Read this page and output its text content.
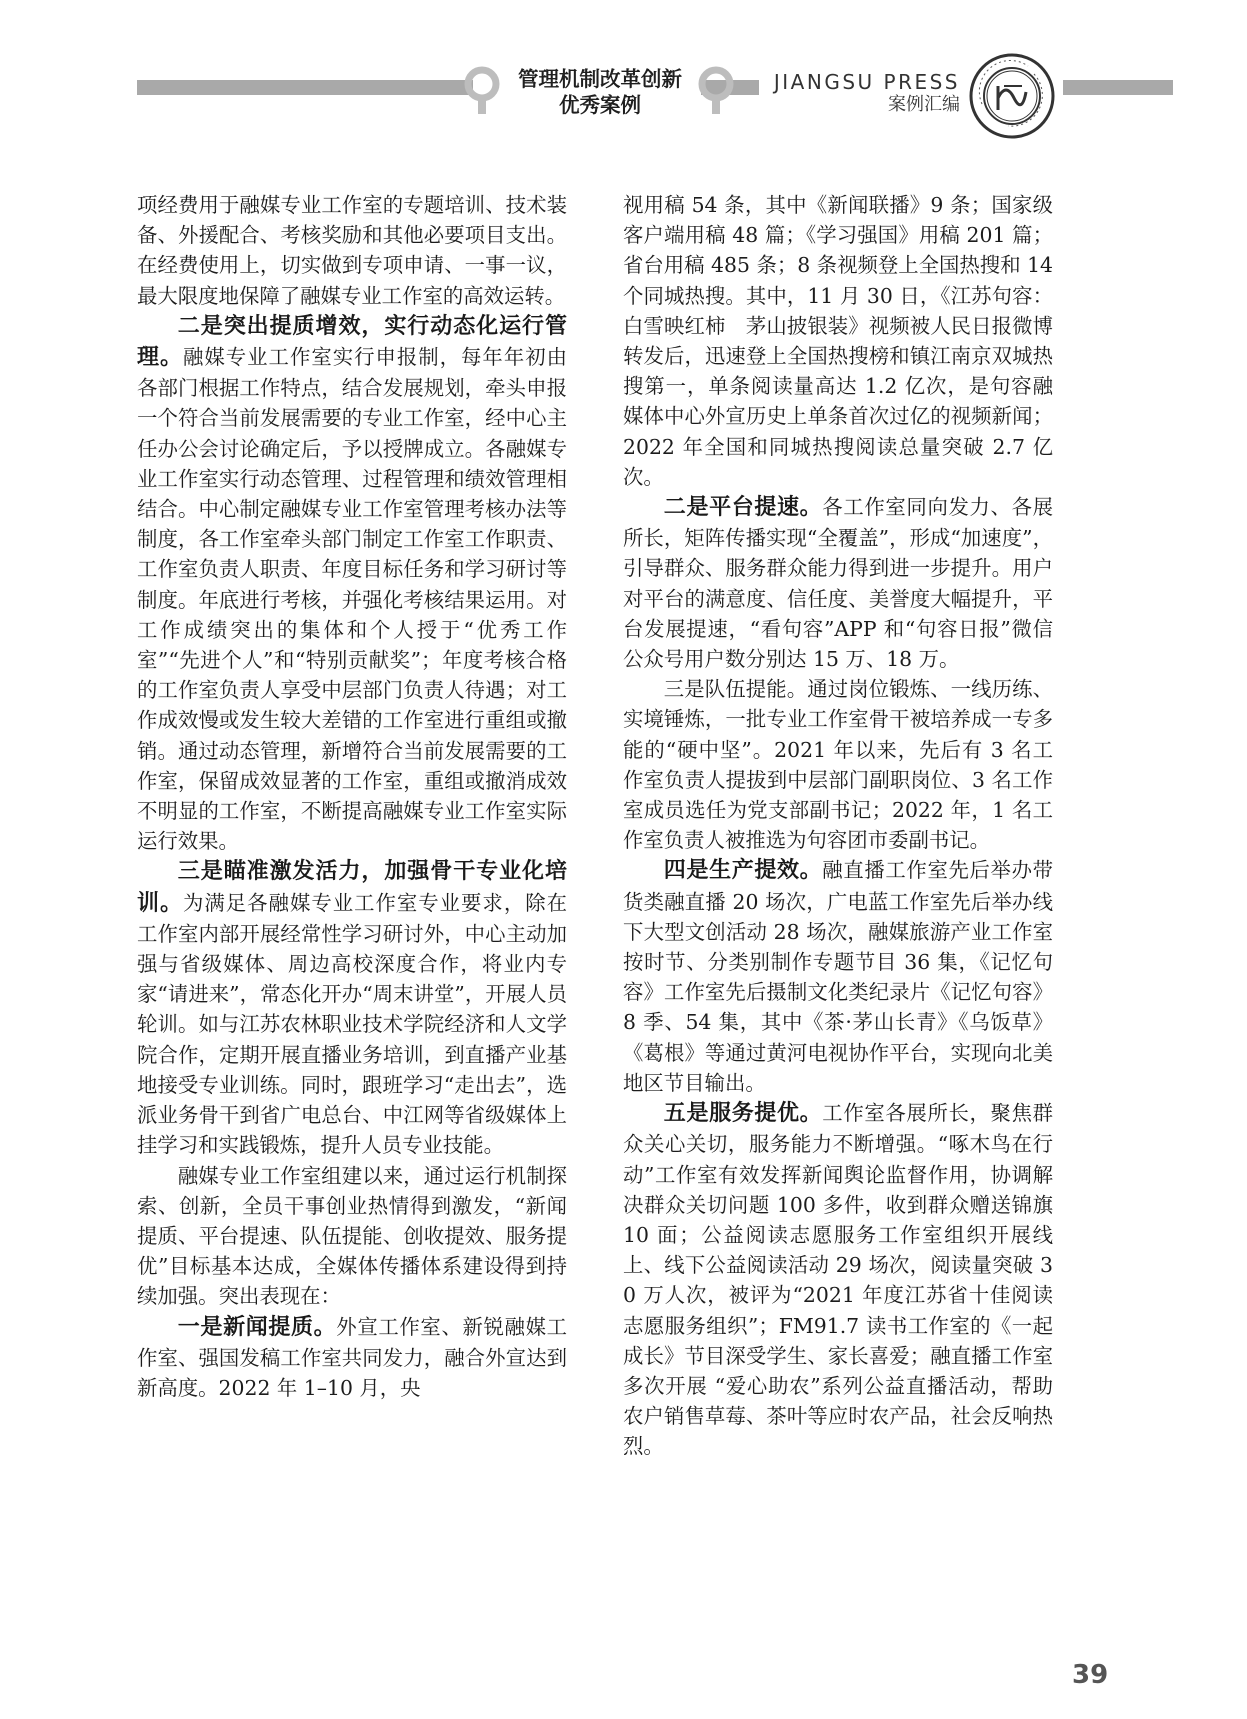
管理机制改革创新
优秀案例
JIANGSU PRESS
案例汇编

项经费用于融媒专业工作室的专题培训、技术装备、外援配合、考核奖励和其他必要项目支出。在经费使用上，切实做到专项申请、一事一议，最大限度地保障了融媒专业工作室的高效运转。

二是突出提质增效，实行动态化运行管理。融媒专业工作室实行申报制，每年年初由各部门根据工作特点，结合发展规划，牵头申报一个符合当前发展需要的专业工作室，经中心主任办公会讨论确定后，予以授牌成立。各融媒专业工作室实行动态管理、过程管理和绩效管理相结合。中心制定融媒专业工作室管理考核办法等制度，各工作室牵头部门制定工作室工作职责、工作室负责人职责、年度目标任务和学习研讨等制度。年底进行考核，并强化考核结果运用。对工作成绩突出的集体和个人授于“优秀工作室”“先进个人”和“特别贡献奖”；年度考核合格的工作室负责人享受中层部门负责人待遇；对工作成效慢或发生较大差错的工作室进行重组或撤销。通过动态管理，新增符合当前发展需要的工作室，保留成效显著的工作室，重组或撤消成效不明显的工作室，不断提高融媒专业工作室实际运行效果。

三是瞄准激发活力，加强骨干专业化培训。为满足各融媒专业工作室专业要求，除在工作室内部开展经常性学习研讨外，中心主动加强与省级媒体、周边高校深度合作，将业内专家“请进来”，常态化开办“周末讲堂”，开展人员轮训。如与江苏农林职业技术学院经济和人文学院合作，定期开展直播业务培训，到直播产业基地接受专业训练。同时，跟班学习“走出去”，选派业务骨干到省广电总台、中江网等省级媒体上挂学习和实践锻炼，提升人员专业技能。

融媒专业工作室组建以来，通过运行机制探索、创新，全员干事创业热情得到激发，“新闻提质、平台提速、队伍提能、创收提效、服务提优”目标基本达成，全媒体传播体系建设得到持续加强。突出表现在：

一是新闻提质。外宣工作室、新锐融媒工作室、强国发稿工作室共同发力，融合外宣达到新高度。2022 年 1–10 月，央

视用稿 54 条，其中《新闻联播》9 条；国家级客户端用稿 48 篇；《学习强国》用稿 201 篇；省台用稿 485 条；8 条视频登上全国热搜和 14 个同城热搜。其中，11 月 30 日，《江苏句容：白雪映红柿　茅山披银装》视频被人民日报微博转发后，迅速登上全国热搜榜和镇江南京双城热搜第一，单条阅读量高达 1.2 亿次，是句容融媒体中心外宣历史上单条首次过亿的视频新闻；2022 年全国和同城热搜阅读总量突破 2.7 亿次。

二是平台提速。各工作室同向发力、各展所长，矩阵传播实现“全覆盖”，形成“加速度”，引导群众、服务群众能力得到进一步提升。用户对平台的满意度、信任度、美誉度大幅提升，平台发展提速，“看句容”APP 和“句容日报”微信公众号用户数分别达 15 万、18 万。

三是队伍提能。通过岗位锻炼、一线历练、实境锤炼，一批专业工作室骨干被培养成一专多能的“硬中坚”。2021 年以来，先后有 3 名工作室负责人提拔到中层部门副职岗位、3 名工作室成员选任为党支部副书记；2022 年，1 名工作室负责人被推选为句容团市委副书记。

四是生产提效。融直播工作室先后举办带货类融直播 20 场次，广电蓝工作室先后举办线下大型文创活动 28 场次，融媒旅游产业工作室按时节、分类别制作专题节目 36 集，《记忆句容》工作室先后摄制文化类纪录片《记忆句容》8 季、54 集，其中《茶·茅山长青》《乌饭草》《葛根》等通过黄河电视协作平台，实现向北美地区节目输出。

五是服务提优。工作室各展所长，聚焦群众关心关切，服务能力不断增强。“啄木鸟在行动”工作室有效发挥新闻舆论监督作用，协调解决群众关切问题 100 多件，收到群众赠送锦旗 10 面；公益阅读志愿服务工作室组织开展线上、线下公益阅读活动 29 场次，阅读量突破 30 万人次，被评为“2021 年度江苏省十佳阅读志愿服务组织”；FM91.7 读书工作室的《一起成长》节目深受学生、家长喜爱；融直播工作室多次开展 “爱心助农”系列公益直播活动，帮助农户销售草莓、茶叶等应时农产品，社会反响热烈。

39
